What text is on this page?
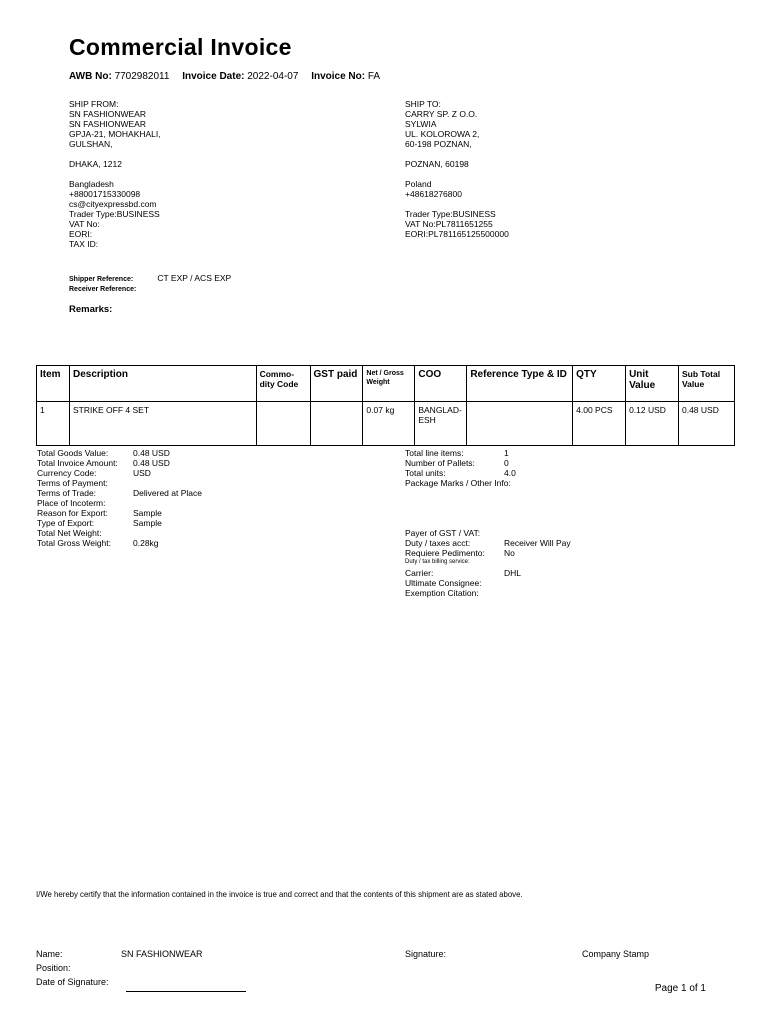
Commercial Invoice
AWB No: 7702982011 Invoice Date: 2022-04-07 Invoice No: FA
SHIP FROM:
SN FASHIONWEAR
SN FASHIONWEAR
GPJA-21, MOHAKHALI,
GULSHAN,
DHAKA, 1212
Bangladesh
+88001715330098
cs@cityexpressbd.com
Trader Type:BUSINESS
VAT No:
EORI:
TAX ID:
SHIP TO:
CARRY SP. Z O.O.
SYLWIA
UL. KOLOROWA 2,
60-198 POZNAN,
POZNAN, 60198
Poland
+48618276800
Trader Type:BUSINESS
VAT No:PL7811651255
EORI:PL781165125500000
Shipper Reference:	CT EXP / ACS EXP
Receiver Reference:
Remarks:
Item	Description	Commo-dity Code	GST paid	Net / Gross Weight	COO	Reference Type & ID	QTY	Unit Value	Sub Total Value
1	STRIKE OFF 4 SET			0.07 kg	BANGLAD-ESH		4.00 PCS	0.12 USD	0.48 USD
Total Goods Value:	0.48 USD
Total Invoice Amount:	0.48 USD
Currency Code:	USD
Terms of Payment:
Terms of Trade:	Delivered at Place
Place of Incoterm:
Reason for Export:	Sample
Type of Export:	Sample
Total Net Weight:
Total Gross Weight:	0.28kg
Total line items:	1
Number of Pallets:	0
Total units:	4.0
Package Marks / Other Info:
Payer of GST / VAT:
Duty / taxes acct:	Receiver Will Pay
Requiere Pedimento:	No
Duty / tax billing service:
Carrier:	DHL
Ultimate Consignee:
Exemption Citation:
I/We hereby certify that the information contained in the invoice is true and correct and that the contents of this shipment are as stated above.
Name:	SN FASHIONWEAR
Position:
Date of Signature:
Signature:	Company Stamp
Page 1 of 1
